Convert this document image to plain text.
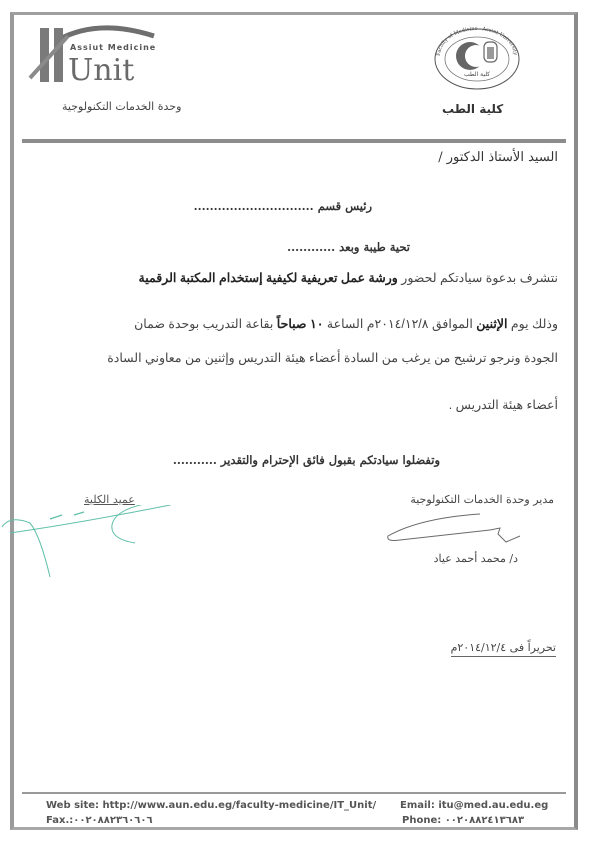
Assiut Medicine
Unit
وحدة الخدمات التكنولوجية
Faculty of Medicine - Assiut University
كلية الطب
كلية الطب
السيد الأستاذ الدكتور /
رئيس قسم ..............................
تحية طيبة وبعد ............
نتشرف بدعوة سيادتكم لحضور ورشة عمل تعريفية لكيفية إستخدام المكتبة الرقمية
وذلك يوم الإثنين الموافق ٢٠١٤/١٢/٨م الساعة ١٠ صباحاً بقاعة التدريب بوحدة ضمان
الجودة ونرجو ترشيح من يرغب من السادة أعضاء هيئة التدريس وإثنين من معاوني السادة
أعضاء هيئة التدريس .
وتفضلوا سيادتكم بقبول فائق الإحترام والتقدير ...........
عميد الكلية	مدير وحدة الخدمات التكنولوجية
د/ محمد أحمد عياد
تحريراً فى ٢٠١٤/١٢/٤م
Web site: http://www.aun.edu.eg/faculty-medicine/IT_Unit/
Fax.:٠٠٢٠٨٨٢٣٦٠٦٠٦
Email: itu@med.au.edu.eg
Phone: ٠٠٢٠٨٨٢٤١٣٦٨٣
